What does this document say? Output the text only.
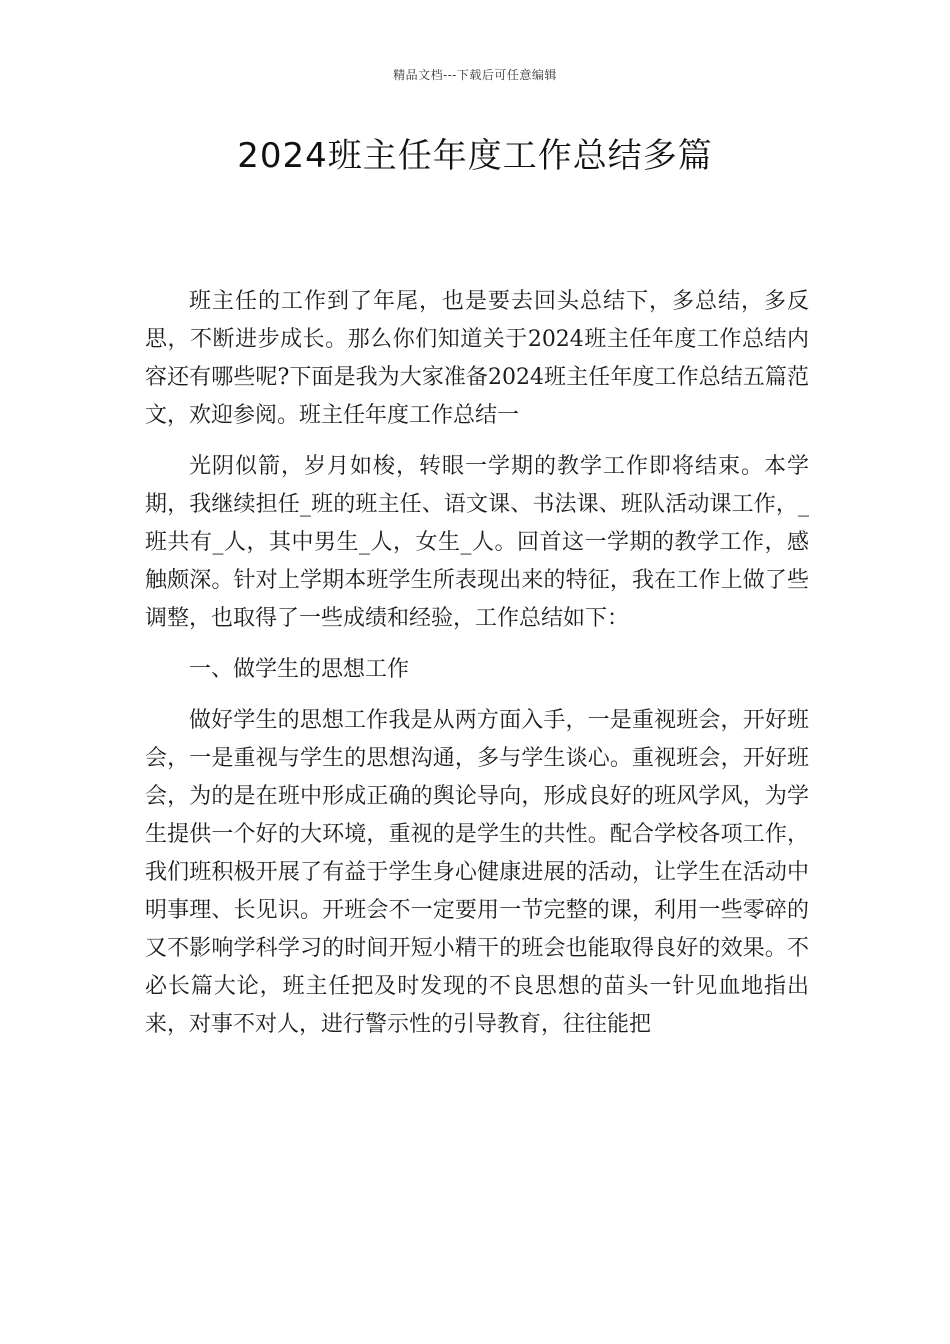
精品文档---下载后可任意编辑
2024班主任年度工作总结多篇

班主任的工作到了年尾，也是要去回头总结下，多总结，多反思，不断进步成长。那么你们知道关于2024班主任年度工作总结内容还有哪些呢?下面是我为大家准备2024班主任年度工作总结五篇范文，欢迎参阅。班主任年度工作总结一

光阴似箭，岁月如梭，转眼一学期的教学工作即将结束。本学期，我继续担任_班的班主任、语文课、书法课、班队活动课工作，_班共有_人，其中男生_人，女生_人。回首这一学期的教学工作，感触颇深。针对上学期本班学生所表现出来的特征，我在工作上做了些调整，也取得了一些成绩和经验，工作总结如下：

一、做学生的思想工作

做好学生的思想工作我是从两方面入手，一是重视班会，开好班会，一是重视与学生的思想沟通，多与学生谈心。重视班会，开好班会，为的是在班中形成正确的舆论导向，形成良好的班风学风，为学生提供一个好的大环境，重视的是学生的共性。配合学校各项工作，我们班积极开展了有益于学生身心健康进展的活动，让学生在活动中明事理、长见识。开班会不一定要用一节完整的课，利用一些零碎的又不影响学科学习的时间开短小精干的班会也能取得良好的效果。不必长篇大论，班主任把及时发现的不良思想的苗头一针见血地指出来，对事不对人，进行警示性的引导教育，往往能把
